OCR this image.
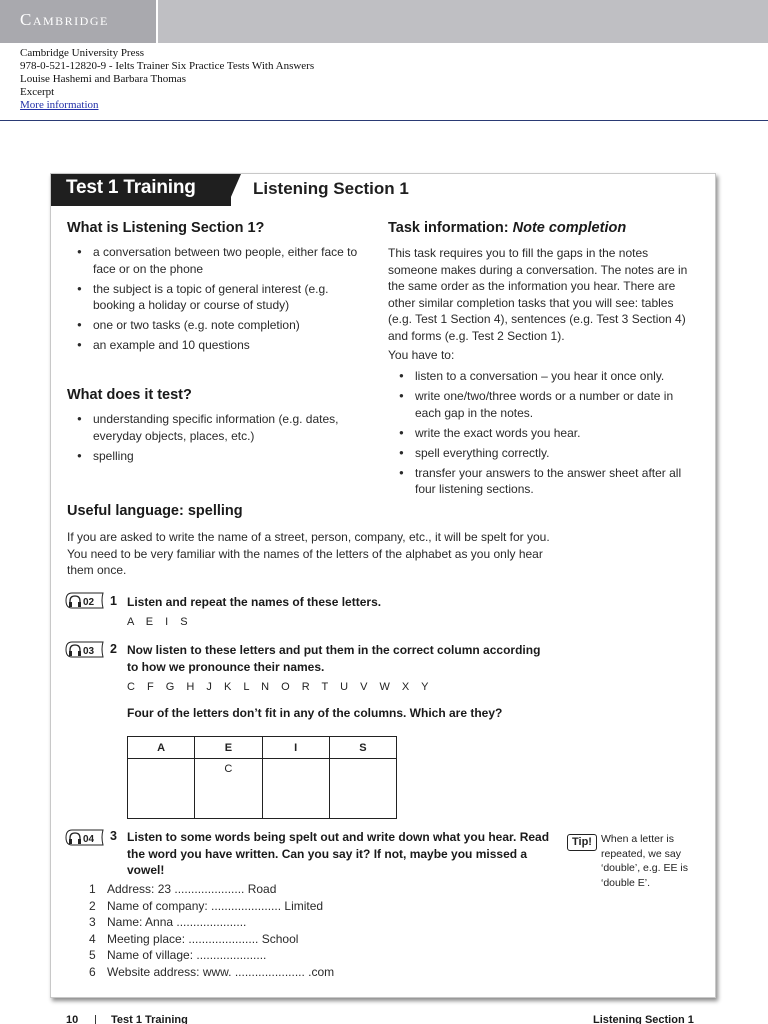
Cambridge
Cambridge University Press
978-0-521-12820-9 - Ielts Trainer Six Practice Tests With Answers
Louise Hashemi and Barbara Thomas
Excerpt
More information
Test 1 Training	Listening Section 1
What is Listening Section 1?
● a conversation between two people, either face to face or on the phone
● the subject is a topic of general interest (e.g. booking a holiday or course of study)
● one or two tasks (e.g. note completion)
● an example and 10 questions
What does it test?
● understanding specific information (e.g. dates, everyday objects, places, etc.)
● spelling
Task information: Note completion
This task requires you to fill the gaps in the notes someone makes during a conversation. The notes are in the same order as the information you hear. There are other similar completion tasks that you will see: tables (e.g. Test 1 Section 4), sentences (e.g. Test 3 Section 4) and forms (e.g. Test 2 Section 1).
You have to:
● listen to a conversation – you hear it once only.
● write one/two/three words or a number or date in each gap in the notes.
● write the exact words you hear.
● spell everything correctly.
● transfer your answers to the answer sheet after all four listening sections.
Useful language: spelling
If you are asked to write the name of a street, person, company, etc., it will be spelt for you. You need to be very familiar with the names of the letters of the alphabet as you only hear them once.
02 1 Listen and repeat the names of these letters.
A E I S
03 2 Now listen to these letters and put them in the correct column according to how we pronounce their names.
C F G H J K L N O R T U V W X Y
Four of the letters don’t fit in any of the columns. Which are they?
A	E	I	S
	C		
04 3 Listen to some words being spelt out and write down what you hear. Read the word you have written. Can you say it? If not, maybe you missed a vowel!
Tip! When a letter is repeated, we say ‘double’, e.g. EE is ‘double E’.
1 Address: 23 ..................... Road
2 Name of company: ..................... Limited
3 Name: Anna .....................
4 Meeting place: ..................... School
5 Name of village: .....................
6 Website address: www. ..................... .com
10 | Test 1 Training	Listening Section 1
